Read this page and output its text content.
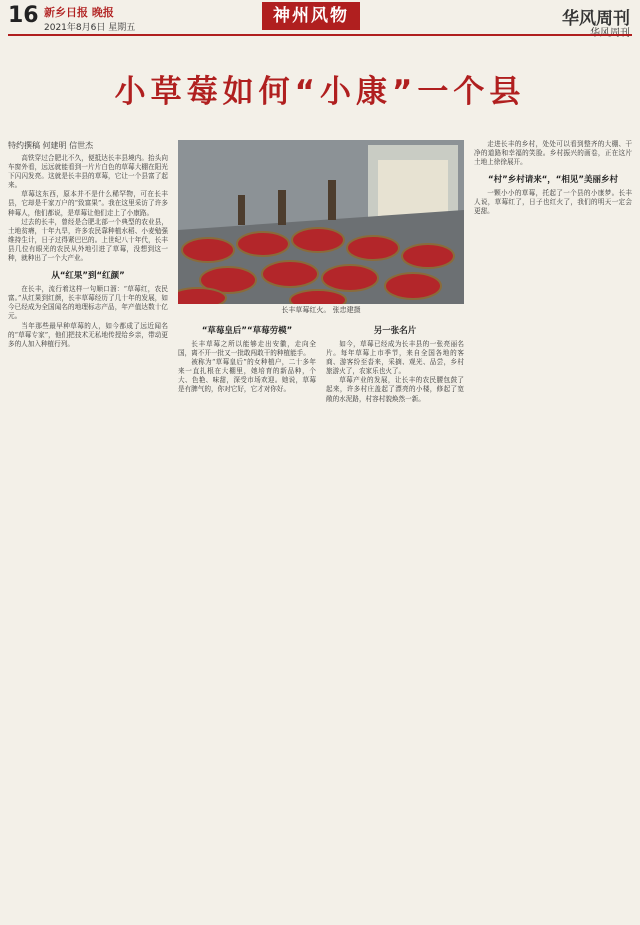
16 新乡日报 晚报
2021年8月6日 星期五
神州风物	华风周刊
小草莓如何“小康”一个县
特约撰稿 何建明 信世杰
长丰草莓红火。 张忠建摄

高铁穿过合肥北不久，便抵达长丰县境内。抬头向车窗外看，远远就能看到一片片白色的草莓大棚在阳光下闪闪发亮。这就是长丰县的草莓，它让一个县富了起来。

草莓这东西，原本并不是什么稀罕物，可在长丰县，它却是千家万户的“致富果”。我在这里采访了许多种莓人，他们都说，是草莓让他们走上了小康路。

过去的长丰，曾经是合肥北部一个典型的农业县，土地贫瘠，十年九旱，许多农民靠种植水稻、小麦勉强维持生计，日子过得紧巴巴的。上世纪八十年代，长丰县几位有眼光的农民从外地引进了草莓，没想到这一种，就种出了一个大产业。

从“红果”到“红颜”

在长丰，流行着这样一句顺口溜：“草莓红，农民富。”从红果到红颜，长丰草莓经历了几十年的发展，如今已经成为全国闻名的地理标志产品，年产值达数十亿元。

当年那些最早种草莓的人，如今都成了远近闻名的“草莓专家”，他们把技术无私地传授给乡亲，带动更多的人加入种植行列。

“草莓皇后”“草莓劳模”

长丰草莓之所以能够走出安徽，走向全国，离不开一批又一批敢闯敢干的种植能手。

被称为“草莓皇后”的女种植户，二十多年来一直扎根在大棚里，她培育的新品种，个大、色艳、味甜，深受市场欢迎。她说，草莓是有脾气的，你对它好，它才对你好。

另一张名片

如今，草莓已经成为长丰县的一张亮丽名片。每年草莓上市季节，来自全国各地的客商、游客纷至沓来，采摘、观光、品尝，乡村旅游火了，农家乐也火了。

草莓产业的发展，让长丰的农民腰包鼓了起来，许多村庄盖起了漂亮的小楼，修起了宽敞的水泥路，村容村貌焕然一新。

走进长丰的乡村，处处可以看到整齐的大棚、干净的道路和幸福的笑脸。乡村振兴的画卷，正在这片土地上徐徐展开。

“村”乡村请来“，“相见”美丽乡村

一颗小小的草莓，托起了一个县的小康梦。长丰人说，草莓红了，日子也红火了，我们的明天一定会更甜。
